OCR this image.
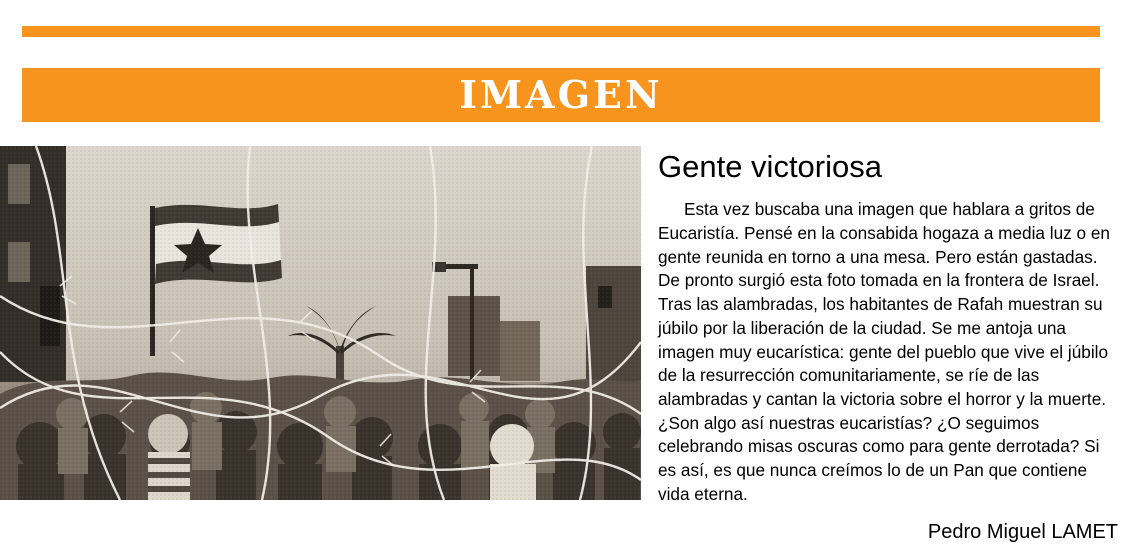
IMAGEN
Gente victoriosa

Esta vez buscaba una imagen que hablara a gritos de Eucaristía. Pensé en la consabida hogaza a media luz o en gente reunida en torno a una mesa. Pero están gastadas. De pronto surgió esta foto tomada en la frontera de Israel. Tras las alambradas, los habitantes de Rafah muestran su júbilo por la liberación de la ciudad. Se me antoja una imagen muy eucarística: gente del pueblo que vive el júbilo de la resurrección comunitariamente, se ríe de las alambradas y cantan la victoria sobre el horror y la muerte. ¿Son algo así nuestras eucaristías? ¿O seguimos celebrando misas oscuras como para gente derrotada? Si es así, es que nunca creímos lo de un Pan que contiene vida eterna.

Pedro Miguel LAMET
